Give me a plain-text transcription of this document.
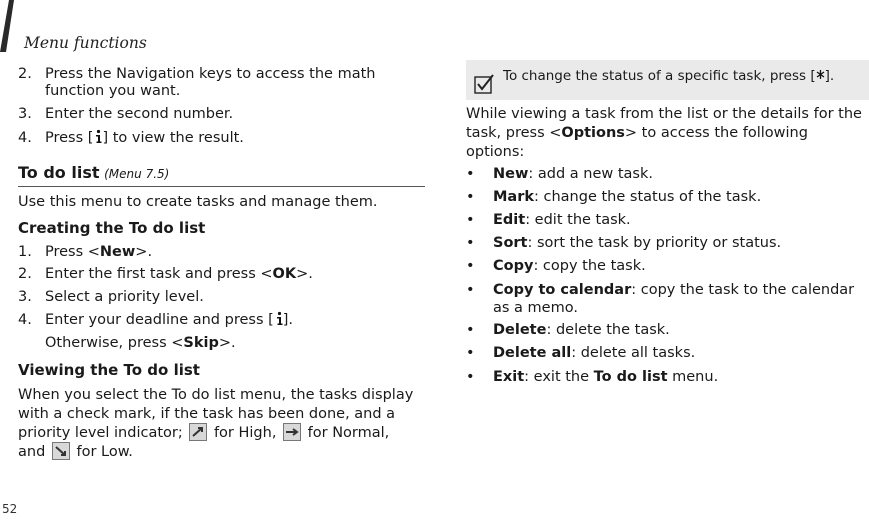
Menu functions
52
2. Press the Navigation keys to access the math
function you want.
3. Enter the second number.
4. Press [ ] to view the result.
To do list (Menu 7.5)
Use this menu to create tasks and manage them.
Creating the To do list
1. Press <New>.
2. Enter the first task and press <OK>.
3. Select a priority level.
4. Enter your deadline and press [ ].
Otherwise, press <Skip>.
Viewing the To do list
When you select the To do list menu, the tasks display
with a check mark, if the task has been done, and a
priority level indicator; for High, for Normal,
and for Low.
To change the status of a specific task, press [ ].
While viewing a task from the list or the details for the
task, press <Options> to access the following
options:
• New: add a new task.
• Mark: change the status of the task.
• Edit: edit the task.
• Sort: sort the task by priority or status.
• Copy: copy the task.
• Copy to calendar: copy the task to the calendar
as a memo.
• Delete: delete the task.
• Delete all: delete all tasks.
• Exit: exit the To do list menu.
